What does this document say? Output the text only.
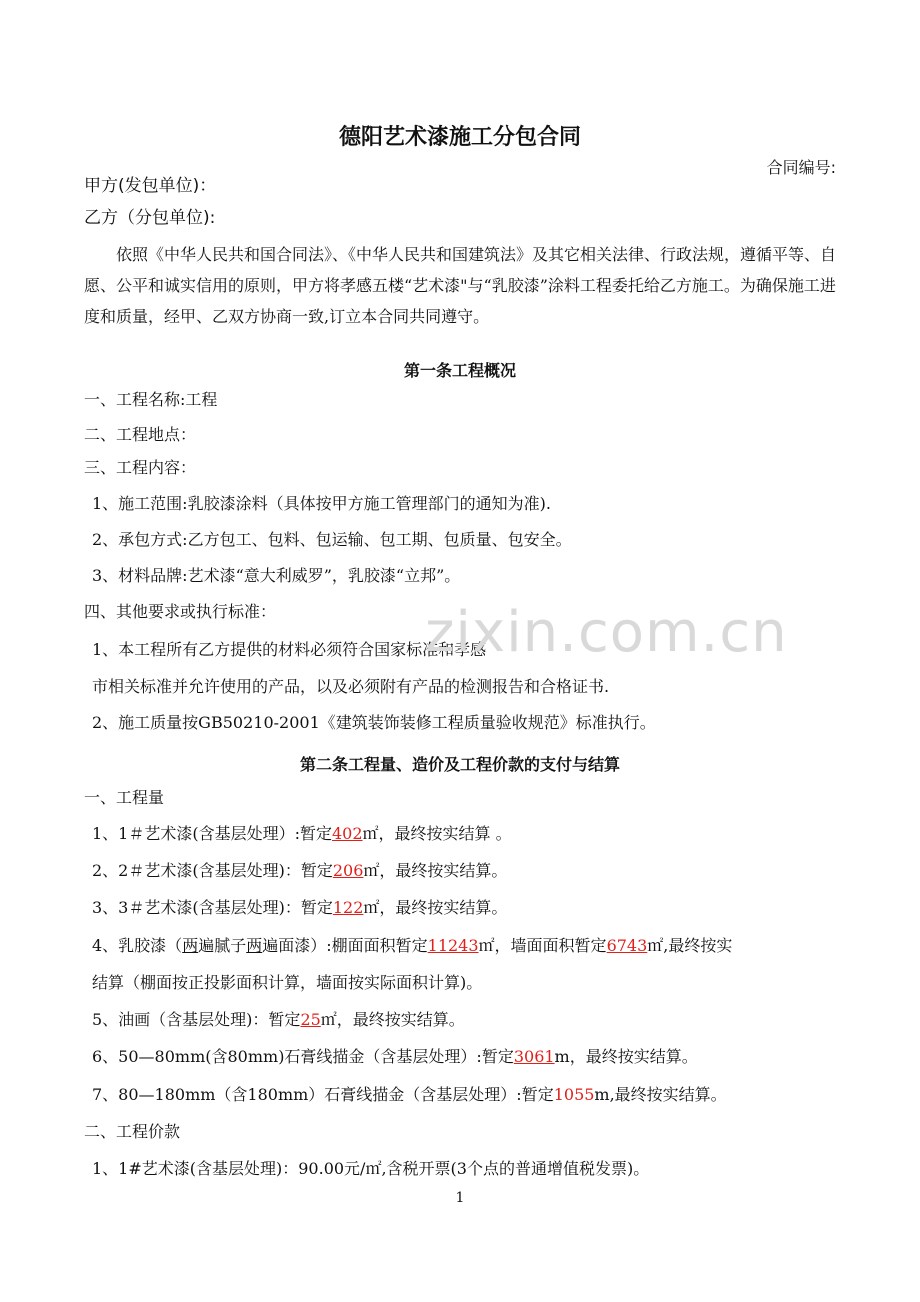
德阳艺术漆施工分包合同
合同编号:
甲方(发包单位)：
乙方（分包单位):
依照《中华人民共和国合同法》、《中华人民共和国建筑法》及其它相关法律、行政法规，遵循平等、自愿、公平和诚实信用的原则，甲方将孝感五楼“艺术漆"与“乳胶漆”涂料工程委托给乙方施工。为确保施工进度和质量，经甲、乙双方协商一致,订立本合同共同遵守。
第一条工程概况
一、工程名称:工程
二、工程地点：
三、工程内容：
1、施工范围:乳胶漆涂料（具体按甲方施工管理部门的通知为准).
2、承包方式:乙方包工、包料、包运输、包工期、包质量、包安全。
3、材料品牌:艺术漆“意大利威罗”，乳胶漆“立邦”。
四、其他要求或执行标准：
1、本工程所有乙方提供的材料必须符合国家标准和孝感
市相关标准并允许使用的产品，以及必须附有产品的检测报告和合格证书.
2、施工质量按GB50210-2001《建筑装饰装修工程质量验收规范》标准执行。
第二条工程量、造价及工程价款的支付与结算
一、工程量
1、1＃艺术漆(含基层处理）:暂定402㎡，最终按实结算 。
2、2＃艺术漆(含基层处理)：暂定206㎡，最终按实结算。
3、3＃艺术漆(含基层处理)：暂定122㎡，最终按实结算。
4、乳胶漆（两遍腻子两遍面漆）:棚面面积暂定11243㎡，墙面面积暂定6743㎡,最终按实
结算（棚面按正投影面积计算，墙面按实际面积计算)。
5、油画（含基层处理)：暂定25㎡，最终按实结算。
6、50—80mm(含80mm)石膏线描金（含基层处理）:暂定3061m，最终按实结算。
7、80—180mm（含180mm）石膏线描金（含基层处理）:暂定1055m,最终按实结算。
二、工程价款
1、1#艺术漆(含基层处理)：90.00元/㎡,含税开票(3个点的普通增值税发票)。
zixin.com.cn
1
